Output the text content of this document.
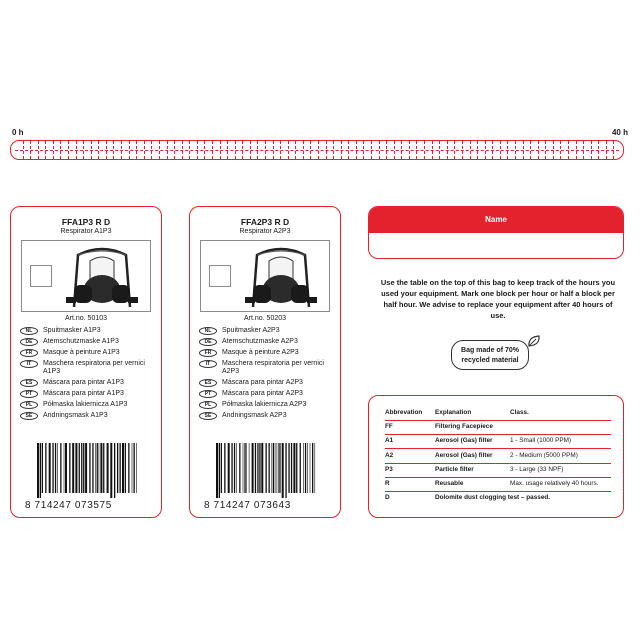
0 h	40 h
FFA1P3 R D
Respirator A1P3
Art.no. 50103
NL	Spuitmasker A1P3
DE	Atemschutzmaske A1P3
FR	Masque à peinture A1P3
IT	Maschera respiratoria per vernici A1P3
ES	Máscara para pintar A1P3
PT	Máscara para pintar A1P3
PL	Półmaska lakiernicza A1P3
SE	Andningsmask A1P3
8 714247 073575
FFA2P3 R D
Respirator A2P3
Art.no. 50203
NL	Spuitmasker A2P3
DE	Atemschutzmaske A2P3
FR	Masque à peinture A2P3
IT	Maschera respiratoria per vernici A2P3
ES	Máscara para pintar A2P3
PT	Máscara para pintar A2P3
PL	Półmaska lakiernicza A2P3
SE	Andningsmask A2P3
8 714247 073643
Name
Use the table on the top of this bag to keep track of the hours you used your equipment. Mark one block per hour or half a block per half hour. We advise to replace your equipment after 40 hours of use.
Bag made of 70%
recycled material
Abbrevation Explanation	Class.
FF	Filtering Facepiece
A1	Aerosol (Gas) filter	1 - Small (1000 PPM)
A2	Aerosol (Gas) filter	2 - Medium (5000 PPM)
P3	Particle filter	3 - Large (33 NPF)
R	Reusable	Max. usage relatively 40 hours.
D	Dolomite dust clogging test – passed.
